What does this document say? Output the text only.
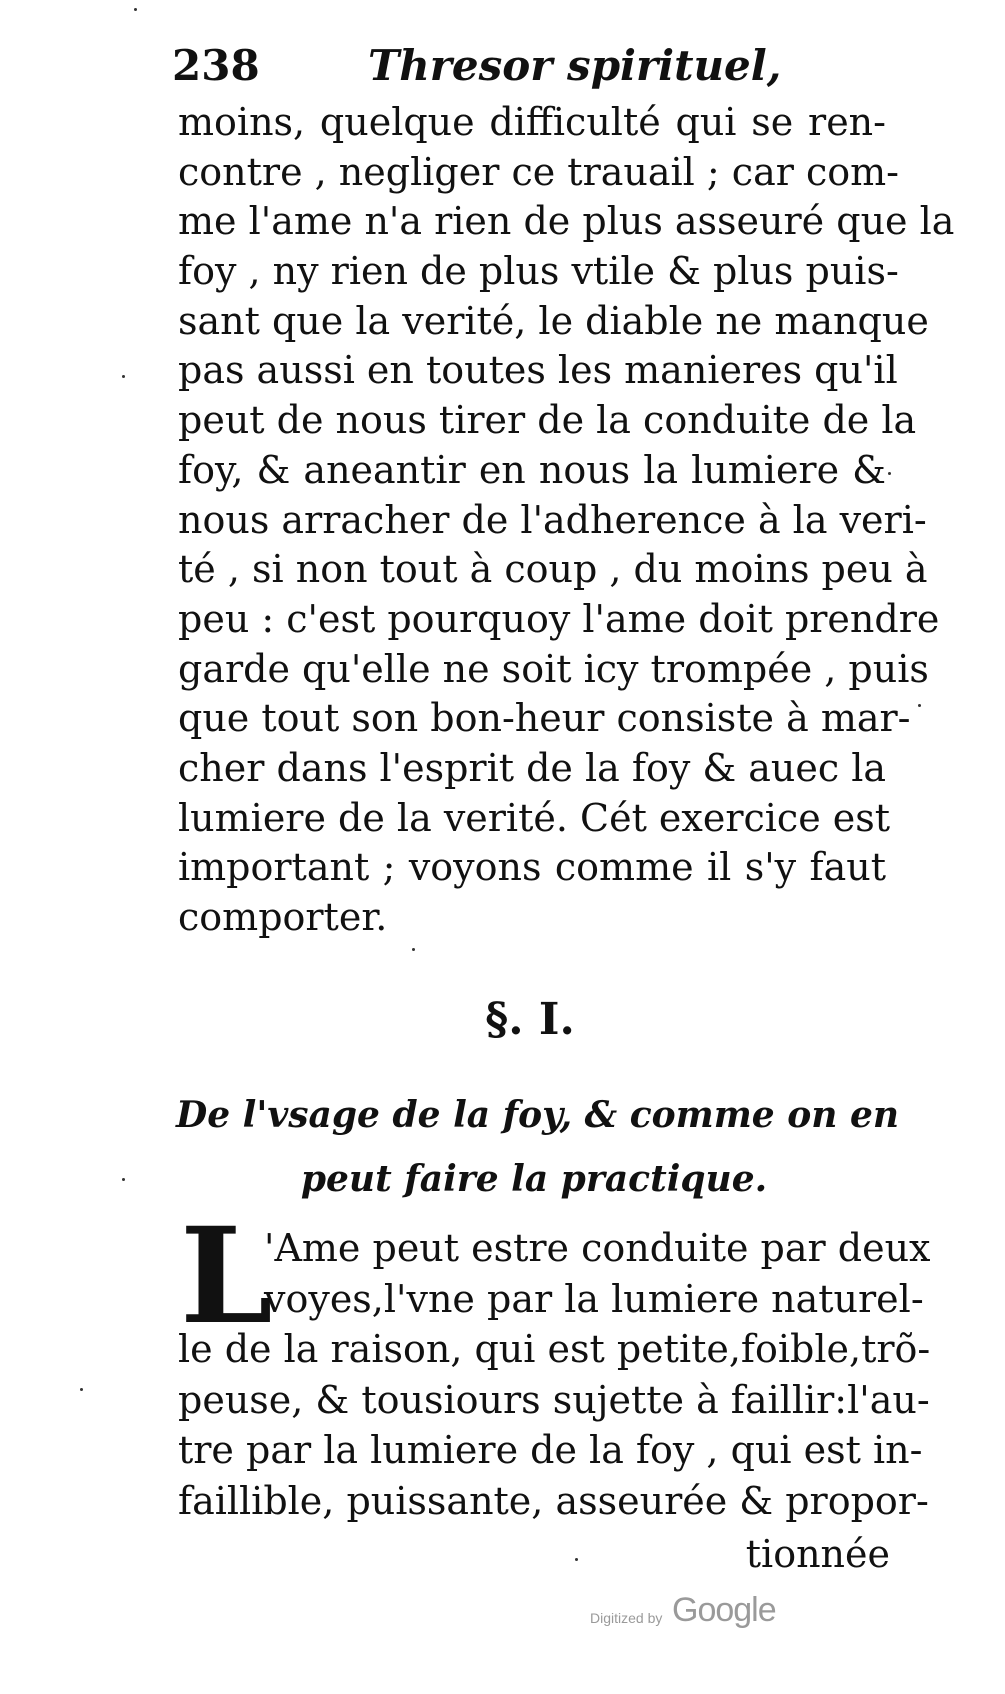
238	Thresor spirituel,
moins, quelque difficulté qui se ren-
contre , negliger ce trauail ; car com-
me l'ame n'a rien de plus asseuré que la
foy , ny rien de plus vtile & plus puis-
sant que la verité, le diable ne manque
pas aussi en toutes les manieres qu'il
peut de nous tirer de la conduite de la
foy, & aneantir en nous la lumiere &
nous arracher de l'adherence à la veri-
té , si non tout à coup , du moins peu à
peu : c'est pourquoy l'ame doit prendre
garde qu'elle ne soit icy trompée , puis
que tout son bon-heur consiste à mar-
cher dans l'esprit de la foy & auec la
lumiere de la verité. Cét exercice est
important ; voyons comme il s'y faut
comporter.
§. I.
De l'vsage de la foy, & comme on en
peut faire la practique.
L
'Ame peut estre conduite par deux
voyes,l'vne par la lumiere naturel-
le de la raison, qui est petite,foible,trõ-
peuse, & tousiours sujette à faillir:l'au-
tre par la lumiere de la foy , qui est in-
faillible, puissante, asseurée & propor-
tionnée
Digitized by Google
